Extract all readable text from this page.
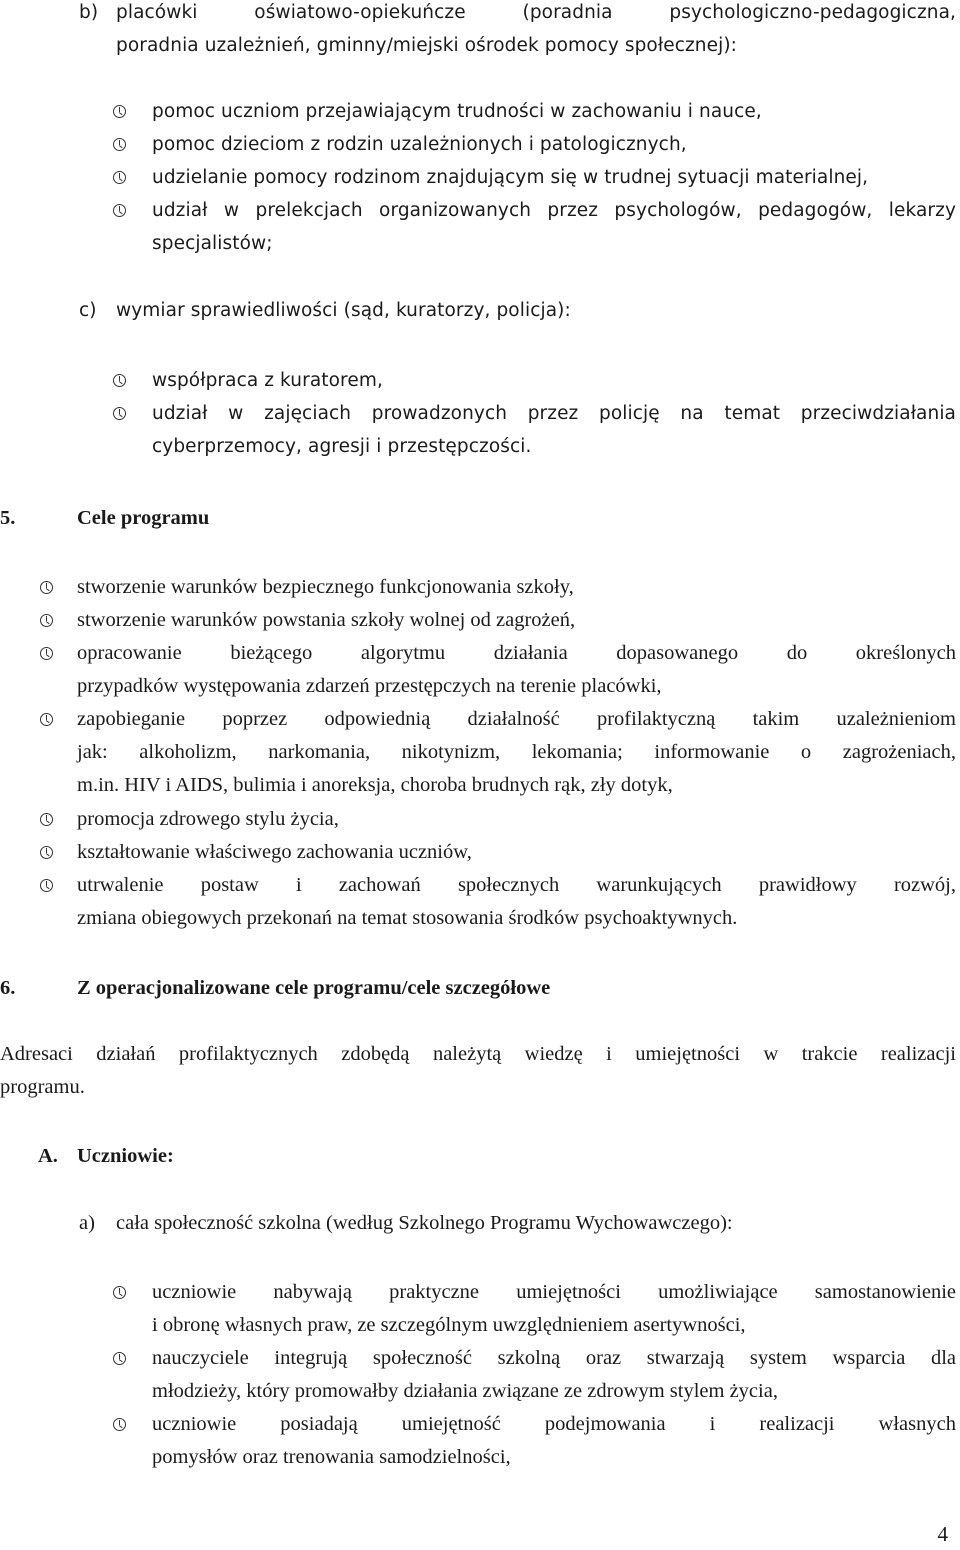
b) placówki oświatowo-opiekuńcze (poradnia psychologiczno-pedagogiczna,
poradnia uzależnień, gminny/miejski ośrodek pomocy społecznej):
pomoc uczniom przejawiającym trudności w zachowaniu i nauce,
pomoc dzieciom z rodzin uzależnionych i patologicznych,
udzielanie pomocy rodzinom znajdującym się w trudnej sytuacji materialnej,
udział w prelekcjach organizowanych przez psychologów, pedagogów, lekarzy
specjalistów;
c) wymiar sprawiedliwości (sąd, kuratorzy, policja):
współpraca z kuratorem,
udział w zajęciach prowadzonych przez policję na temat przeciwdziałania
cyberprzemocy, agresji i przestępczości.
5.	Cele programu
stworzenie warunków bezpiecznego funkcjonowania szkoły,
stworzenie warunków powstania szkoły wolnej od zagrożeń,
opracowanie bieżącego algorytmu działania dopasowanego do określonych
przypadków występowania zdarzeń przestępczych na terenie placówki,
zapobieganie poprzez odpowiednią działalność profilaktyczną takim uzależnieniom
jak: alkoholizm, narkomania, nikotynizm, lekomania; informowanie o zagrożeniach,
m.in. HIV i AIDS, bulimia i anoreksja, choroba brudnych rąk, zły dotyk,
promocja zdrowego stylu życia,
kształtowanie właściwego zachowania uczniów,
utrwalenie postaw i zachowań społecznych warunkujących prawidłowy rozwój,
zmiana obiegowych przekonań na temat stosowania środków psychoaktywnych.
6.	Z operacjonalizowane cele programu/cele szczegółowe
Adresaci działań profilaktycznych zdobędą należytą wiedzę i umiejętności w trakcie realizacji
programu.
A. Uczniowie:
a) cała społeczność szkolna (według Szkolnego Programu Wychowawczego):
uczniowie nabywają praktyczne umiejętności umożliwiające samostanowienie
i obronę własnych praw, ze szczególnym uwzględnieniem asertywności,
nauczyciele integrują społeczność szkolną oraz stwarzają system wsparcia dla
młodzieży, który promowałby działania związane ze zdrowym stylem życia,
uczniowie posiadają umiejętność podejmowania i realizacji własnych
pomysłów oraz trenowania samodzielności,
4
